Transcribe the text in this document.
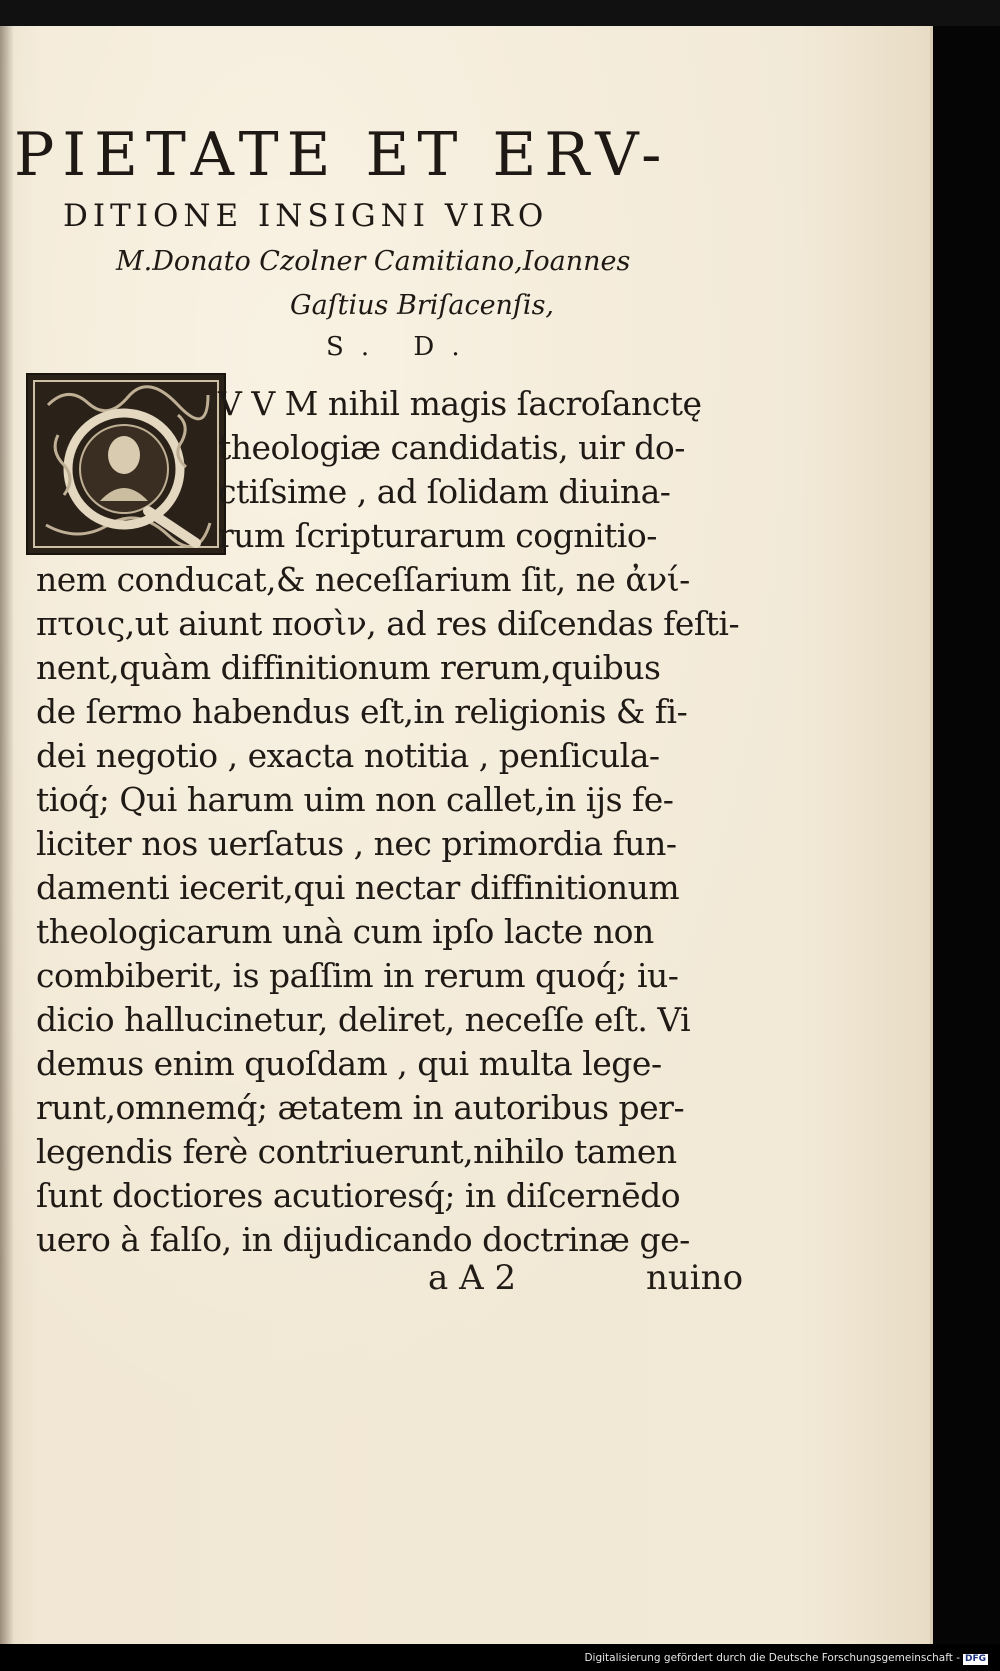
PIETATE ET ERV-
DITIONE INSIGNI VIRO
M.Donato Czolner Camitiano,Ioannes
Gaſtius Briſacenſis,
S. D.
V V M nihil magis ſacroſanctę
theologiæ candidatis, uir do-
ctiſsime , ad ſolidam diuina-
rum ſcripturarum cognitio-
nem conducat,& neceſſarium ſit, ne ἀνί-
πτοις,ut aiunt ποσὶν, ad res diſcendas feſti-
nent,quàm diffinitionum rerum,quibus
de ſermo habendus eſt,in religionis & fi-
dei negotio , exacta notitia , penſicula-
tioq́; Qui harum uim non callet,in ijs fe-
liciter nos uerſatus , nec primordia fun-
damenti iecerit,qui nectar diffinitionum
theologicarum unà cum ipſo lacte non
combiberit, is paſſim in rerum quoq́; iu-
dicio hallucinetur, deliret, neceſſe eſt. Vi
demus enim quoſdam , qui multa lege-
runt,omnemq́; ætatem in autoribus per-
legendis ferè contriuerunt,nihilo tamen
ſunt doctiores acutioresq́; in diſcernēdo
uero à falſo, in dijudicando doctrinæ ge-
a A 2	nuino
Digitalisierung gefördert durch die Deutsche Forschungsgemeinschaft - DFG
